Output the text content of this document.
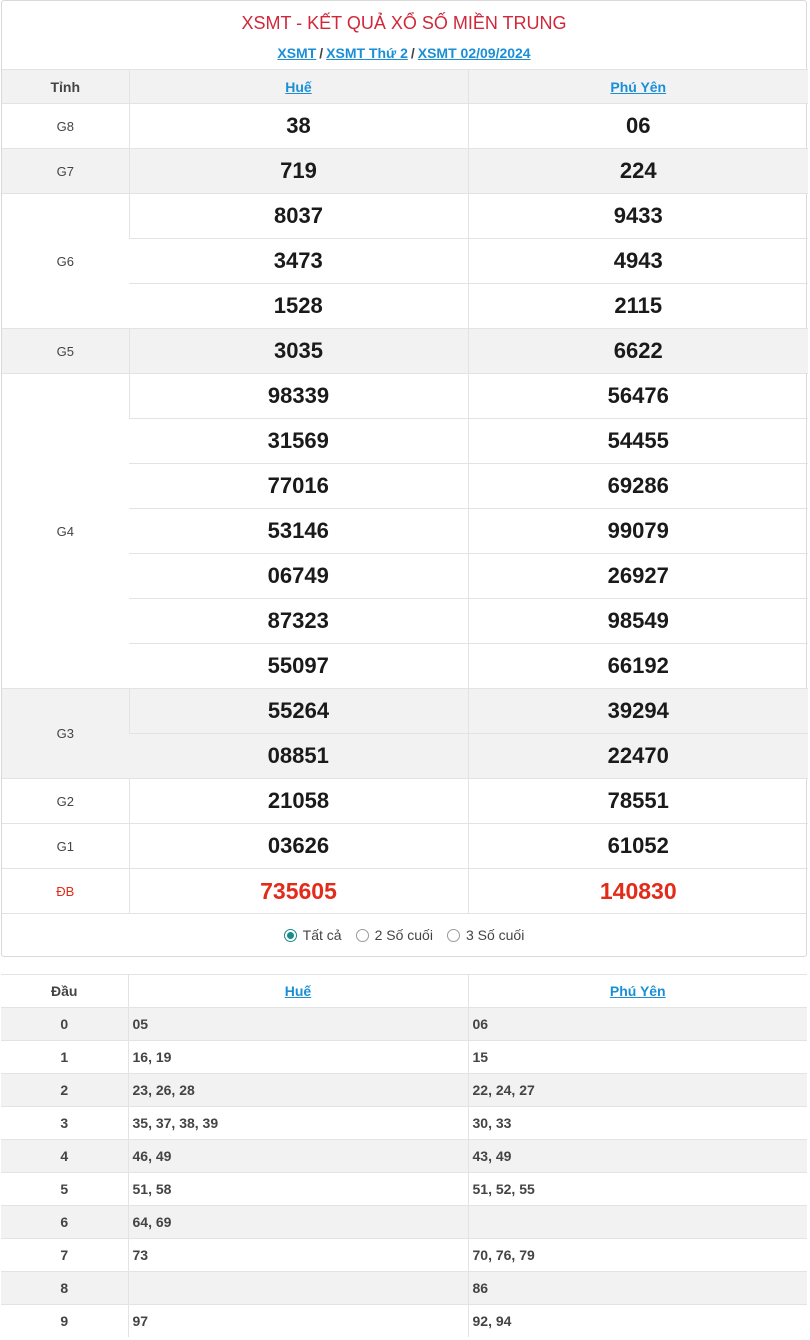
XSMT - KẾT QUẢ XỔ SỐ MIỀN TRUNG
XSMT / XSMT Thứ 2 / XSMT 02/09/2024
Tỉnh	Huế	Phú Yên
G8	38	06
G7	719	224
G6	8037	9433
	3473	4943
	1528	2115
G5	3035	6622
G4	98339	56476
	31569	54455
	77016	69286
	53146	99079
	06749	26927
	87323	98549
	55097	66192
G3	55264	39294
	08851	22470
G2	21058	78551
G1	03626	61052
ĐB	735605	140830
Tất cả 2 Số cuối 3 Số cuối
Đầu	Huế	Phú Yên
0	05	06
1	16, 19	15
2	23, 26, 28	22, 24, 27
3	35, 37, 38, 39	30, 33
4	46, 49	43, 49
5	51, 58	51, 52, 55
6	64, 69	
7	73	70, 76, 79
8		86
9	97	92, 94
